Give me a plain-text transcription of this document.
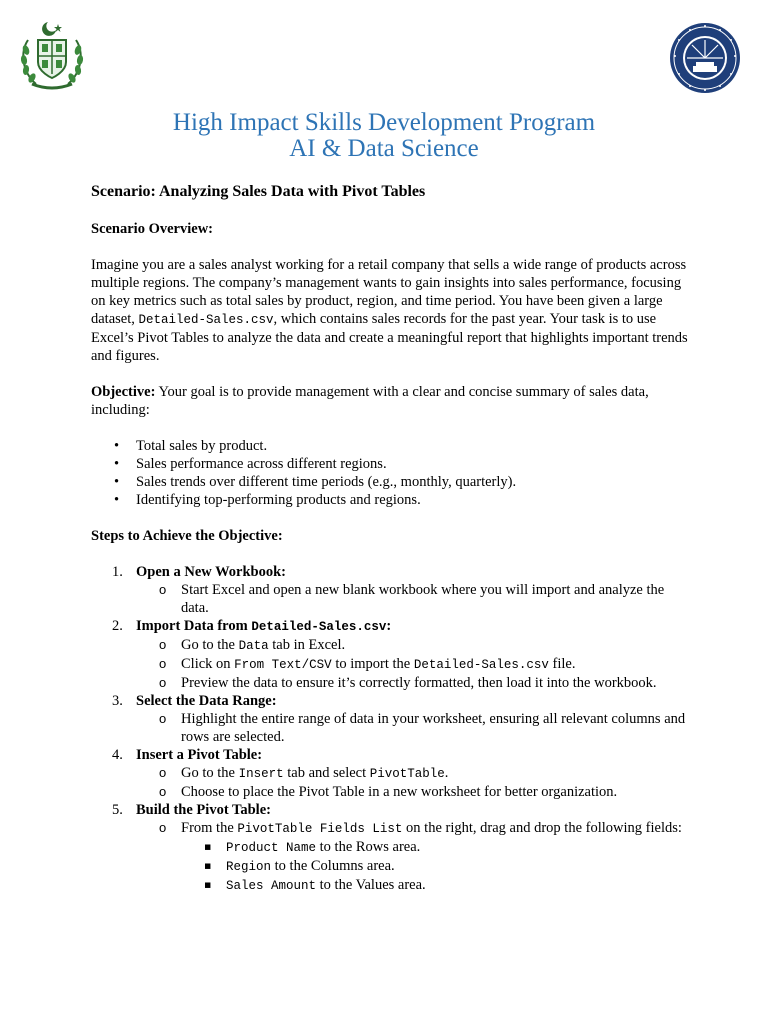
High Impact Skills Development Program
AI & Data Science
Scenario: Analyzing Sales Data with Pivot Tables
Scenario Overview:

Imagine you are a sales analyst working for a retail company that sells a wide range of products across multiple regions. The company’s management wants to gain insights into sales performance, focusing on key metrics such as total sales by product, region, and time period. You have been given a large dataset, Detailed-Sales.csv, which contains sales records for the past year. Your task is to use Excel’s Pivot Tables to analyze the data and create a meaningful report that highlights important trends and figures.

Objective: Your goal is to provide management with a clear and concise summary of sales data, including:

• Total sales by product.
• Sales performance across different regions.
• Sales trends over different time periods (e.g., monthly, quarterly).
• Identifying top-performing products and regions.
Steps to Achieve the Objective:
1. Open a New Workbook:
o Start Excel and open a new blank workbook where you will import and analyze the data.
2. Import Data from Detailed-Sales.csv:
o Go to the Data tab in Excel.
o Click on From Text/CSV to import the Detailed-Sales.csv file.
o Preview the data to ensure it’s correctly formatted, then load it into the workbook.
3. Select the Data Range:
o Highlight the entire range of data in your worksheet, ensuring all relevant columns and rows are selected.
4. Insert a Pivot Table:
o Go to the Insert tab and select PivotTable.
o Choose to place the Pivot Table in a new worksheet for better organization.
5. Build the Pivot Table:
o From the PivotTable Fields List on the right, drag and drop the following fields:
▪ Product Name to the Rows area.
▪ Region to the Columns area.
▪ Sales Amount to the Values area.
